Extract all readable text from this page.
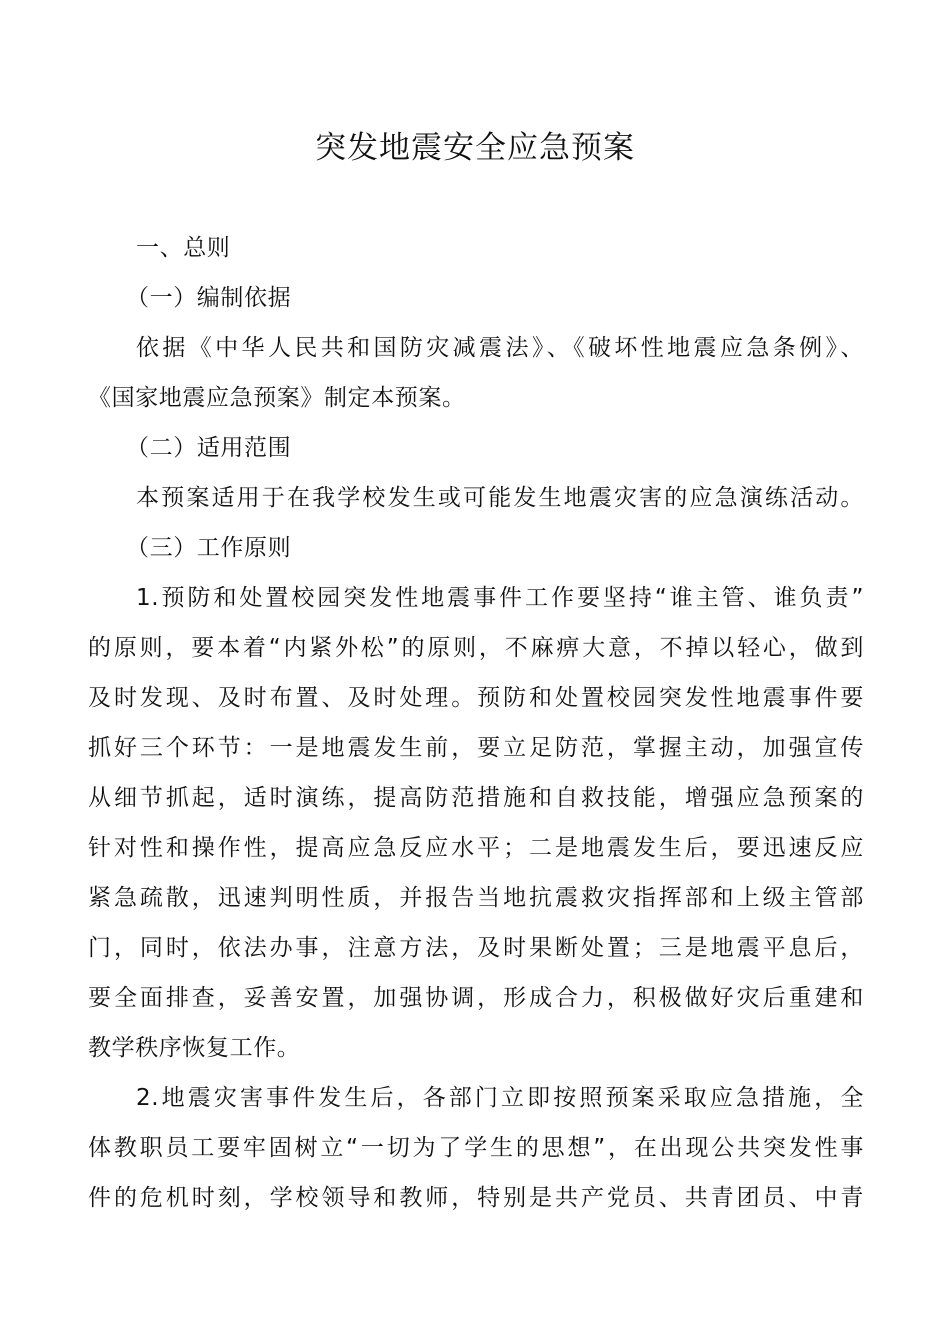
突发地震安全应急预案
一、总则
（一）编制依据
依据《中华人民共和国防灾减震法》、《破坏性地震应急条例》、
《国家地震应急预案》制定本预案。
（二）适用范围
本预案适用于在我学校发生或可能发生地震灾害的应急演练活动。
（三）工作原则
1.预防和处置校园突发性地震事件工作要坚持“谁主管、谁负责”
的原则，要本着“内紧外松”的原则，不麻痹大意，不掉以轻心，做到
及时发现、及时布置、及时处理。预防和处置校园突发性地震事件要
抓好三个环节：一是地震发生前，要立足防范，掌握主动，加强宣传
从细节抓起，适时演练，提高防范措施和自救技能，增强应急预案的
针对性和操作性，提高应急反应水平；二是地震发生后，要迅速反应
紧急疏散，迅速判明性质，并报告当地抗震救灾指挥部和上级主管部
门，同时，依法办事，注意方法，及时果断处置；三是地震平息后，
要全面排查，妥善安置，加强协调，形成合力，积极做好灾后重建和
教学秩序恢复工作。
2.地震灾害事件发生后，各部门立即按照预案采取应急措施，全
体教职员工要牢固树立“一切为了学生的思想”，在出现公共突发性事
件的危机时刻，学校领导和教师，特别是共产党员、共青团员、中青
